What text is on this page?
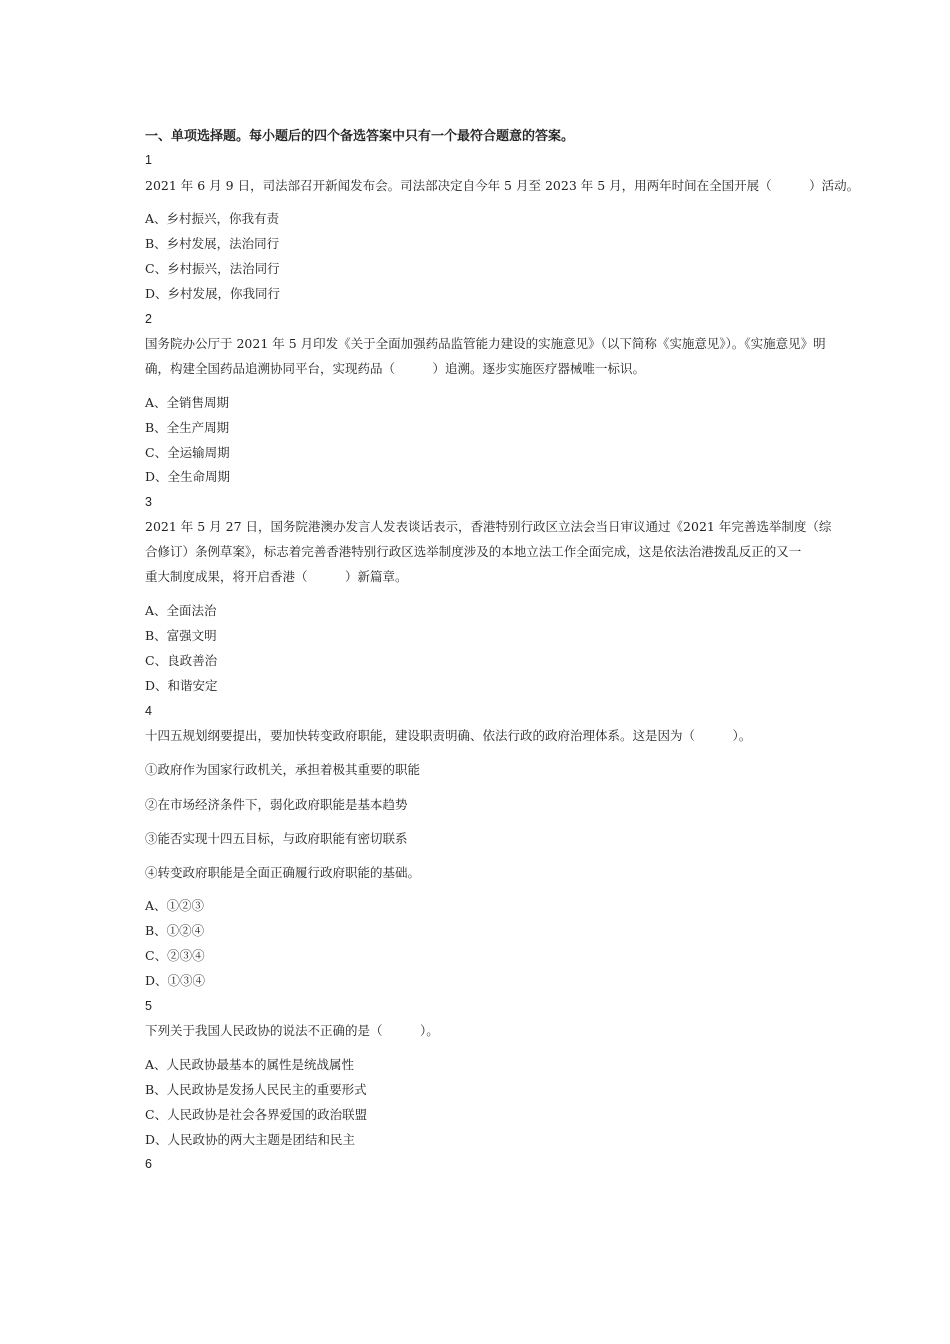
一、单项选择题。每小题后的四个备选答案中只有一个最符合题意的答案。
1
2021 年 6 月 9 日，司法部召开新闻发布会。司法部决定自今年 5 月至 2023 年 5 月，用两年时间在全国开展（　　　）活动。
A、乡村振兴，你我有责
B、乡村发展，法治同行
C、乡村振兴，法治同行
D、乡村发展，你我同行
2
国务院办公厅于 2021 年 5 月印发《关于全面加强药品监管能力建设的实施意见》（以下简称《实施意见》）。《实施意见》明
确，构建全国药品追溯协同平台，实现药品（　　　）追溯。逐步实施医疗器械唯一标识。
A、全销售周期
B、全生产周期
C、全运输周期
D、全生命周期
3
2021 年 5 月 27 日，国务院港澳办发言人发表谈话表示，香港特别行政区立法会当日审议通过《2021 年完善选举制度（综
合修订）条例草案》，标志着完善香港特别行政区选举制度涉及的本地立法工作全面完成，这是依法治港拨乱反正的又一
重大制度成果，将开启香港（　　　）新篇章。
A、全面法治
B、富强文明
C、良政善治
D、和谐安定
4
十四五规划纲要提出，要加快转变政府职能，建设职责明确、依法行政的政府治理体系。这是因为（　　　）。
①政府作为国家行政机关，承担着极其重要的职能
②在市场经济条件下，弱化政府职能是基本趋势
③能否实现十四五目标，与政府职能有密切联系
④转变政府职能是全面正确履行政府职能的基础。
A、①②③
B、①②④
C、②③④
D、①③④
5
下列关于我国人民政协的说法不正确的是（　　　）。
A、人民政协最基本的属性是统战属性
B、人民政协是发扬人民民主的重要形式
C、人民政协是社会各界爱国的政治联盟
D、人民政协的两大主题是团结和民主
6
